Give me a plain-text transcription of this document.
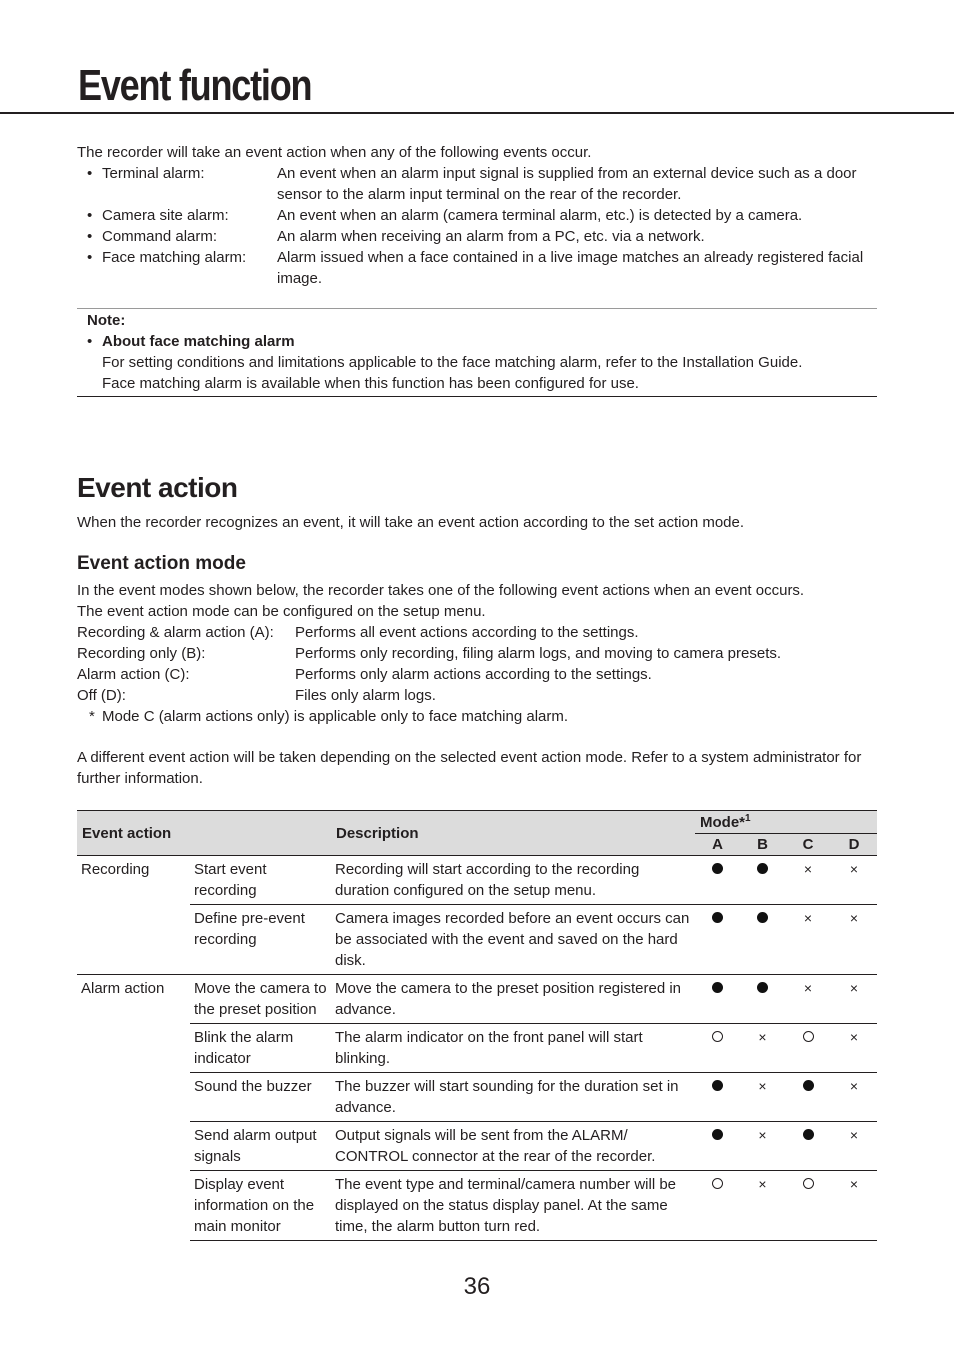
Event function

The recorder will take an event action when any of the following events occur.

• Terminal alarm:	An event when an alarm input signal is supplied from an external device such as a door sensor to the alarm input terminal on the rear of the recorder.
• Camera site alarm:	An event when an alarm (camera terminal alarm, etc.) is detected by a camera.
• Command alarm:	An alarm when receiving an alarm from a PC, etc. via a network.
• Face matching alarm:	Alarm issued when a face contained in a live image matches an already registered facial image.
Note:
• About face matching alarm
For setting conditions and limitations applicable to the face matching alarm, refer to the Installation Guide.
Face matching alarm is available when this function has been configured for use.
Event action

When the recorder recognizes an event, it will take an event action according to the set action mode.

Event action mode

In the event modes shown below, the recorder takes one of the following event actions when an event occurs.

The event action mode can be configured on the setup menu.

Recording & alarm action (A):	Performs all event actions according to the settings.
Recording only (B):	Performs only recording, filing alarm logs, and moving to camera presets.
Alarm action (C):	Performs only alarm actions according to the settings.
Off (D):	Files only alarm logs.

* Mode C (alarm actions only) is applicable only to face matching alarm.

A different event action will be taken depending on the selected event action mode. Refer to a system administrator for further information.

Event action		Description	Mode*$^1$
			A	B	C	D
Recording	Start event recording	Recording will start according to the recording duration configured on the setup menu.			×	×
	Define pre-event recording	Camera images recorded before an event occurs can be associated with the event and saved on the hard disk.			×	×
Alarm action	Move the camera to the preset position	Move the camera to the preset position registered in advance.			×	×
	Blink the alarm indicator	The alarm indicator on the front panel will start blinking.		×		×
	Sound the buzzer	The buzzer will start sounding for the duration set in advance.		×		×
	Send alarm output signals	Output signals will be sent from the ALARM/ CONTROL connector at the rear of the recorder.		×		×
	Display event information on the main monitor	The event type and terminal/camera number will be displayed on the status display panel. At the same time, the alarm button turn red.		×		×
36
